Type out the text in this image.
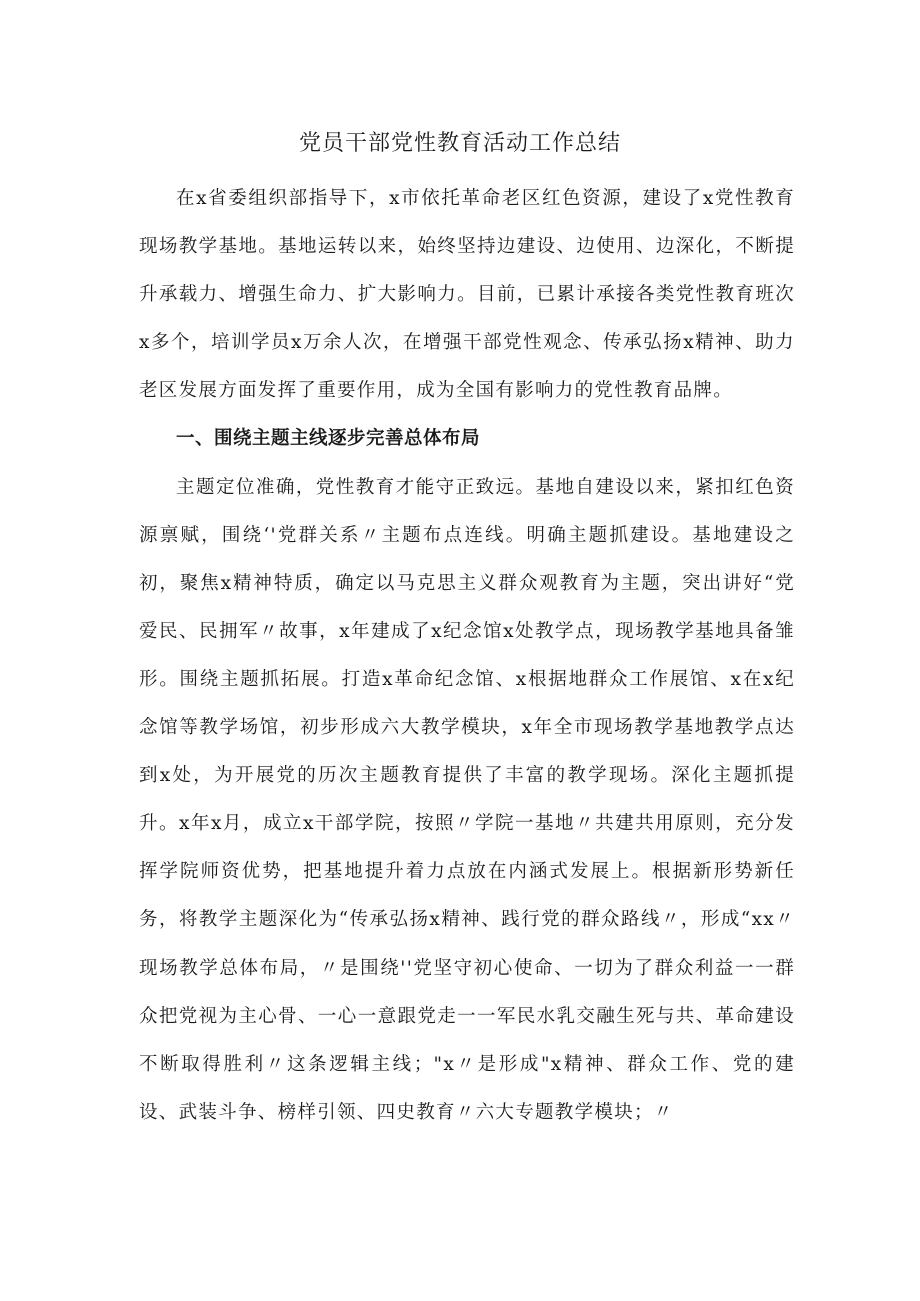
党员干部党性教育活动工作总结

在x省委组织部指导下，x市依托革命老区红色资源，建设了x党性教育现场教学基地。基地运转以来，始终坚持边建设、边使用、边深化，不断提升承载力、增强生命力、扩大影响力。目前，已累计承接各类党性教育班次x多个，培训学员x万余人次，在增强干部党性观念、传承弘扬x精神、助力老区发展方面发挥了重要作用，成为全国有影响力的党性教育品牌。

一、围绕主题主线逐步完善总体布局

主题定位准确，党性教育才能守正致远。基地自建设以来，紧扣红色资源禀赋，围绕‘'党群关系〃主题布点连线。明确主题抓建设。基地建设之初，聚焦x精神特质，确定以马克思主义群众观教育为主题，突出讲好“党爱民、民拥军〃故事，x年建成了x纪念馆x处教学点，现场教学基地具备雏形。围绕主题抓拓展。打造x革命纪念馆、x根据地群众工作展馆、x在x纪念馆等教学场馆，初步形成六大教学模块，x年全市现场教学基地教学点达到x处，为开展党的历次主题教育提供了丰富的教学现场。深化主题抓提升。x年x月，成立x干部学院，按照〃学院一基地〃共建共用原则，充分发挥学院师资优势，把基地提升着力点放在内涵式发展上。根据新形势新任务，将教学主题深化为“传承弘扬x精神、践行党的群众路线〃，形成“xx〃现场教学总体布局，〃是围绕''党坚守初心使命、一切为了群众利益一一群众把党视为主心骨、一心一意跟党走一一军民水乳交融生死与共、革命建设不断取得胜利〃这条逻辑主线；"x〃是形成"x精神、群众工作、党的建设、武装斗争、榜样引领、四史教育〃六大专题教学模块；〃
